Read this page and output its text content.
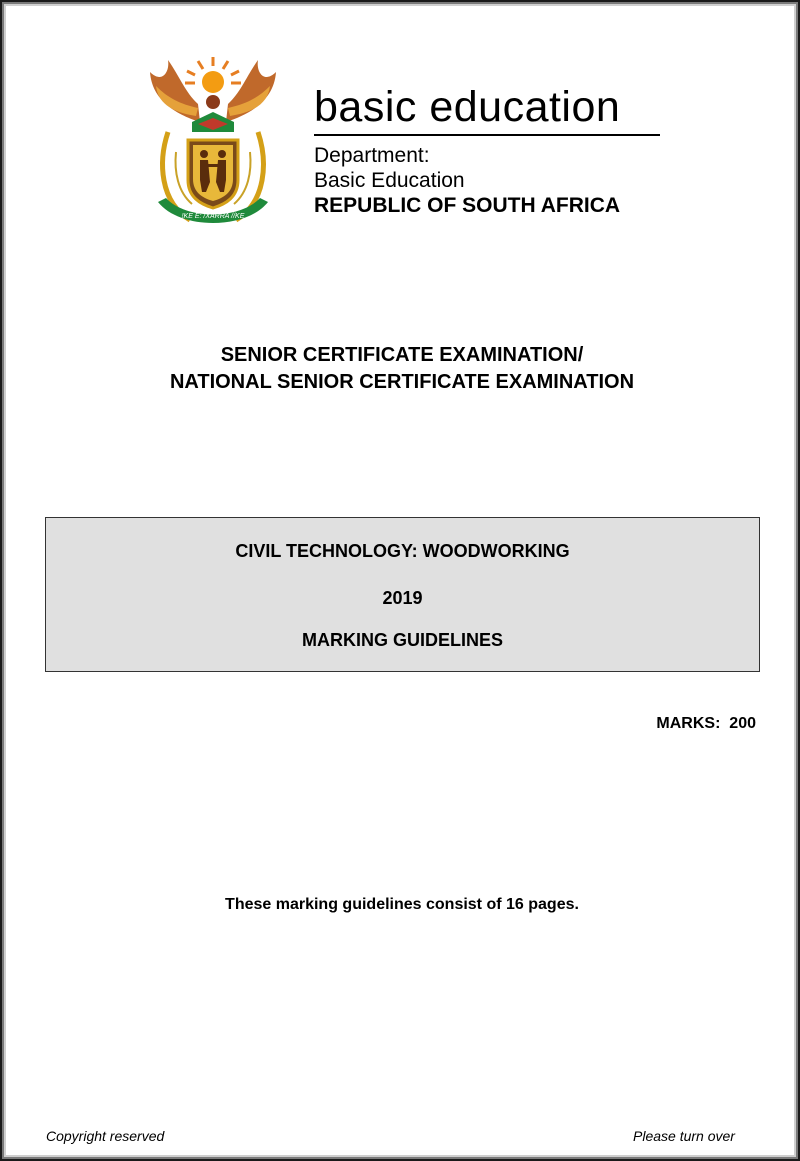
!KE E: /XARRA //KE

basic education

Department:

Basic Education

REPUBLIC OF SOUTH AFRICA

SENIOR CERTIFICATE EXAMINATION/
NATIONAL SENIOR CERTIFICATE EXAMINATION
CIVIL TECHNOLOGY: WOODWORKING
2019
MARKING GUIDELINES
MARKS:  200
These marking guidelines consist of 16 pages.
Copyright reserved	Please turn over
